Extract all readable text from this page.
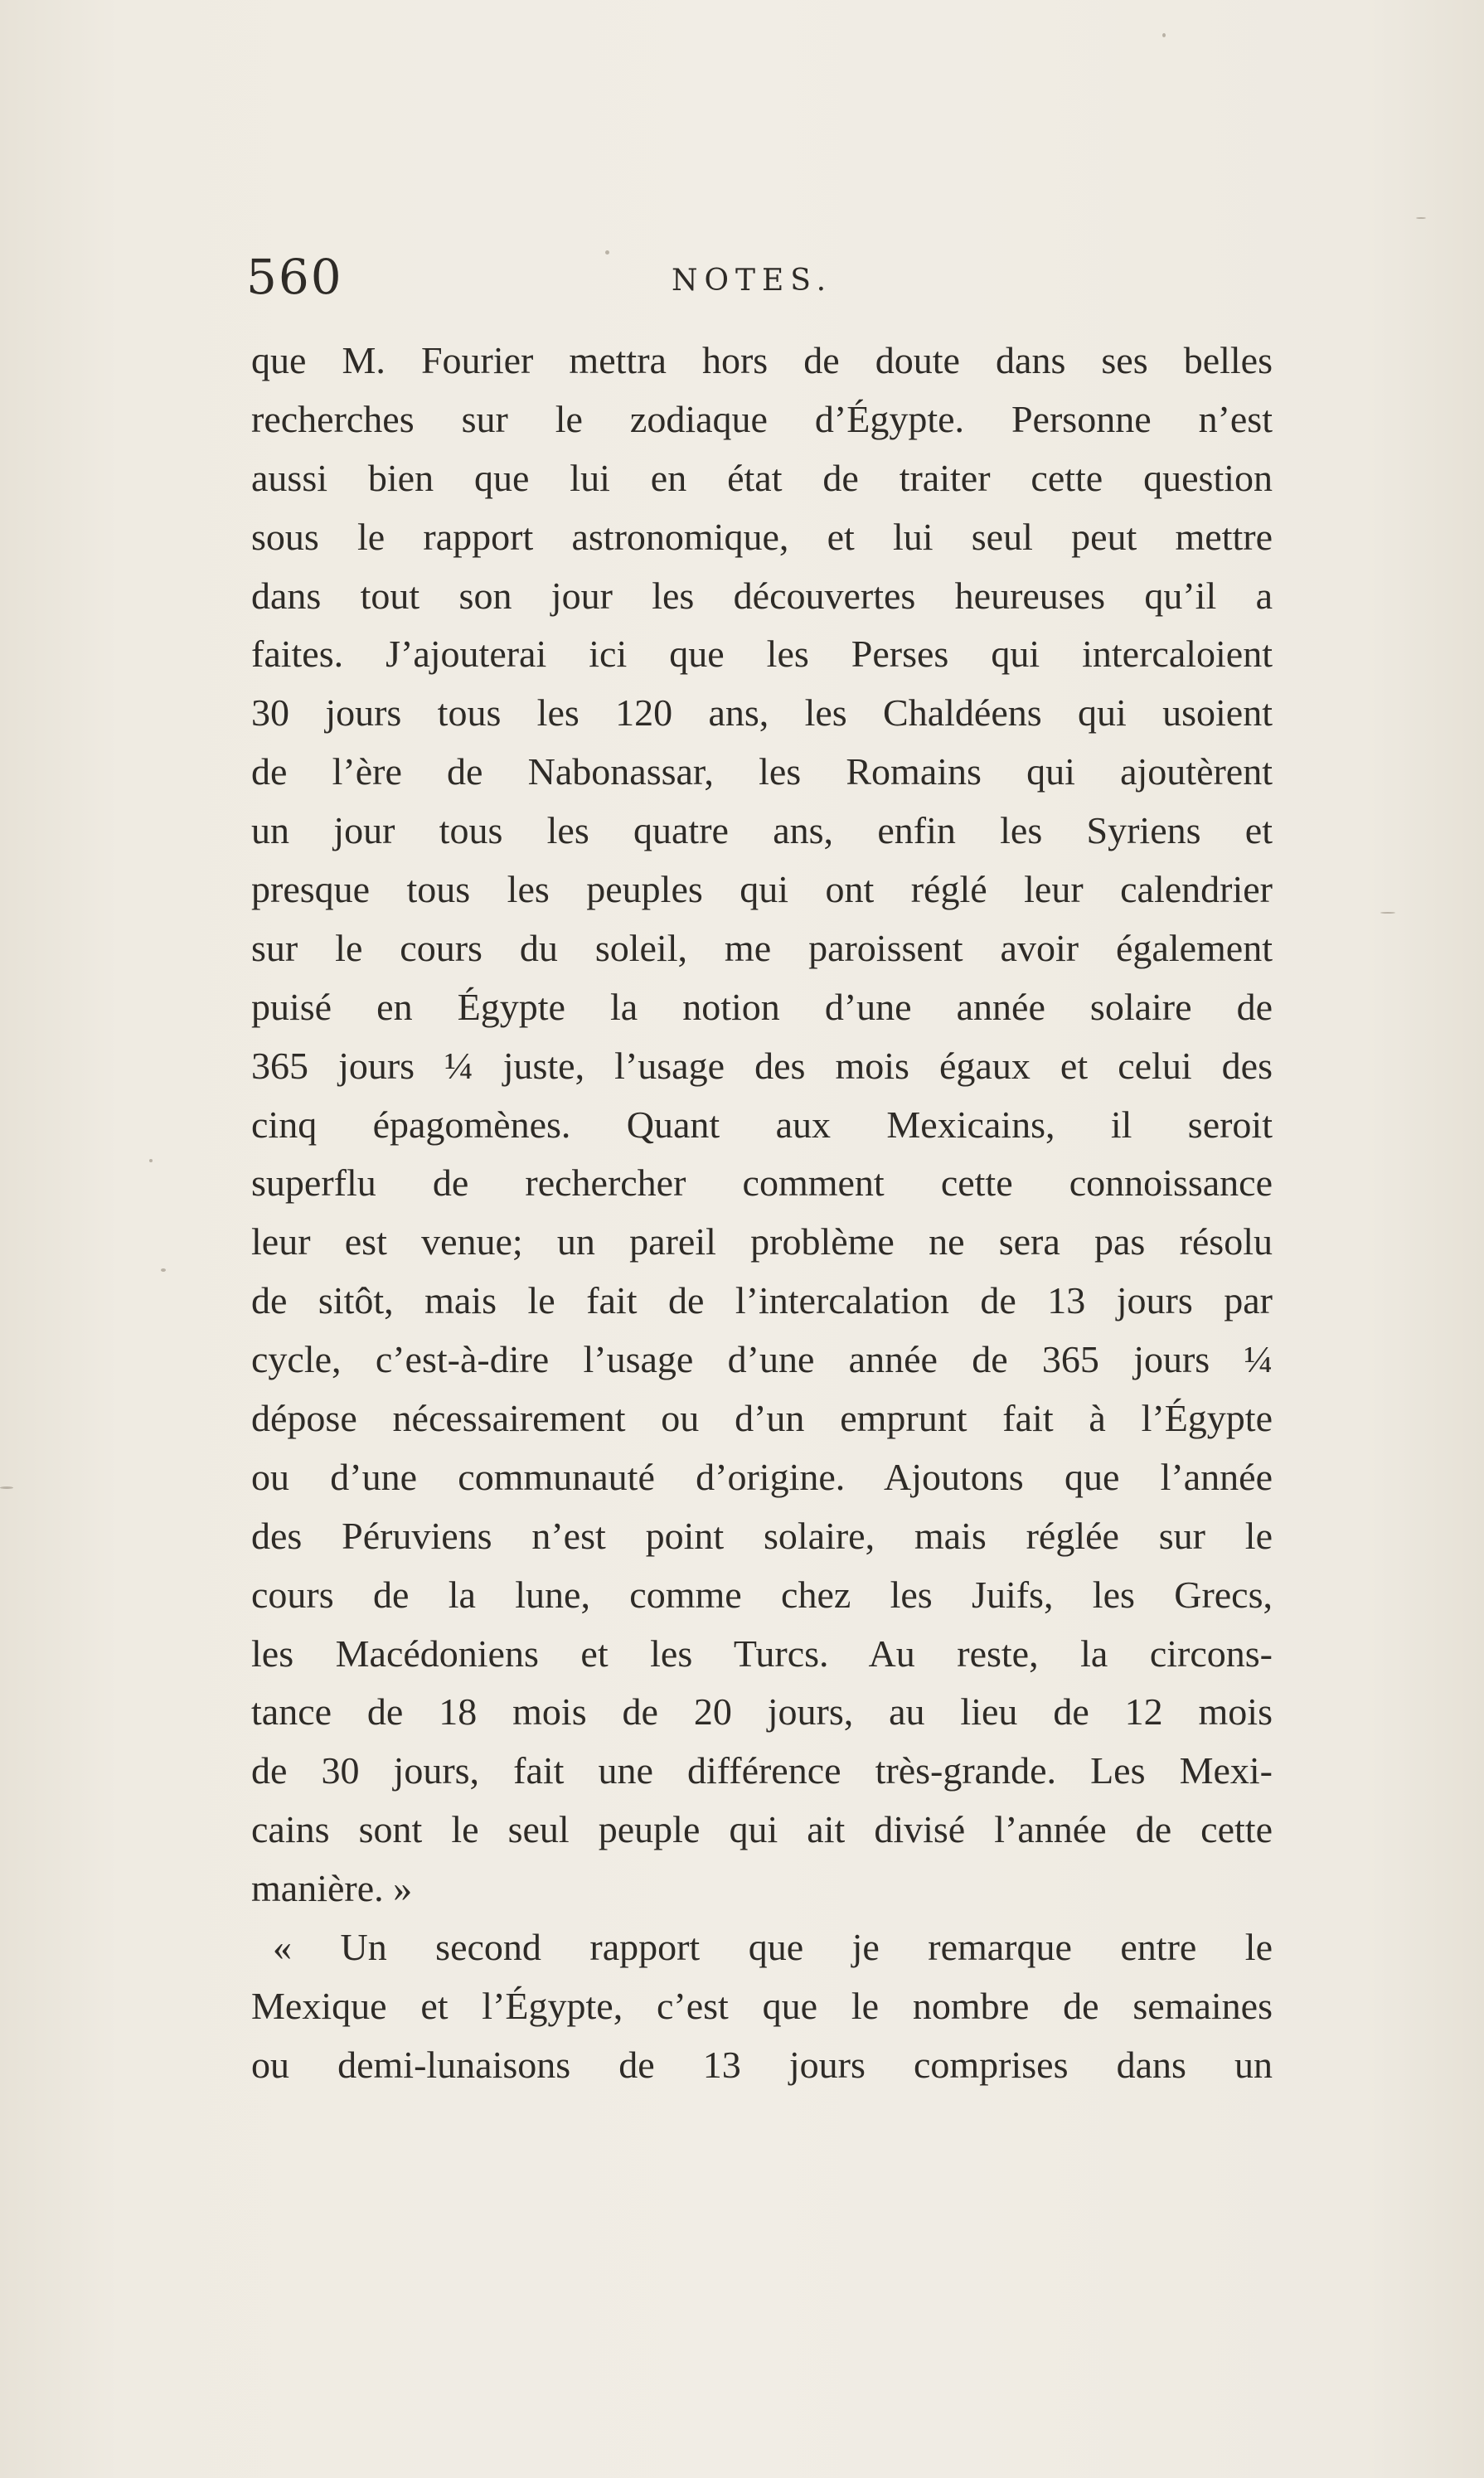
560	NOTES.
que M. Fourier mettra hors de doute dans ses belles
recherches sur le zodiaque d’Égypte. Personne n’est
aussi bien que lui en état de traiter cette question
sous le rapport astronomique, et lui seul peut mettre
dans tout son jour les découvertes heureuses qu’il a
faites. J’ajouterai ici que les Perses qui intercaloient
30 jours tous les 120 ans, les Chaldéens qui usoient
de l’ère de Nabonassar, les Romains qui ajoutèrent
un jour tous les quatre ans, enfin les Syriens et
presque tous les peuples qui ont réglé leur calendrier
sur le cours du soleil, me paroissent avoir également
puisé en Égypte la notion d’une année solaire de
365 jours ¼ juste, l’usage des mois égaux et celui des
cinq épagomènes. Quant aux Mexicains, il seroit
superflu de rechercher comment cette connoissance
leur est venue; un pareil problème ne sera pas résolu
de sitôt, mais le fait de l’intercalation de 13 jours par
cycle, c’est-à-dire l’usage d’une année de 365 jours ¼
dépose nécessairement ou d’un emprunt fait à l’Égypte
ou d’une communauté d’origine. Ajoutons que l’année
des Péruviens n’est point solaire, mais réglée sur le
cours de la lune, comme chez les Juifs, les Grecs,
les Macédoniens et les Turcs. Au reste, la circons-
tance de 18 mois de 20 jours, au lieu de 12 mois
de 30 jours, fait une différence très-grande. Les Mexi-
cains sont le seul peuple qui ait divisé l’année de cette
manière. »
« Un second rapport que je remarque entre le
Mexique et l’Égypte, c’est que le nombre de semaines
ou demi-lunaisons de 13 jours comprises dans un
